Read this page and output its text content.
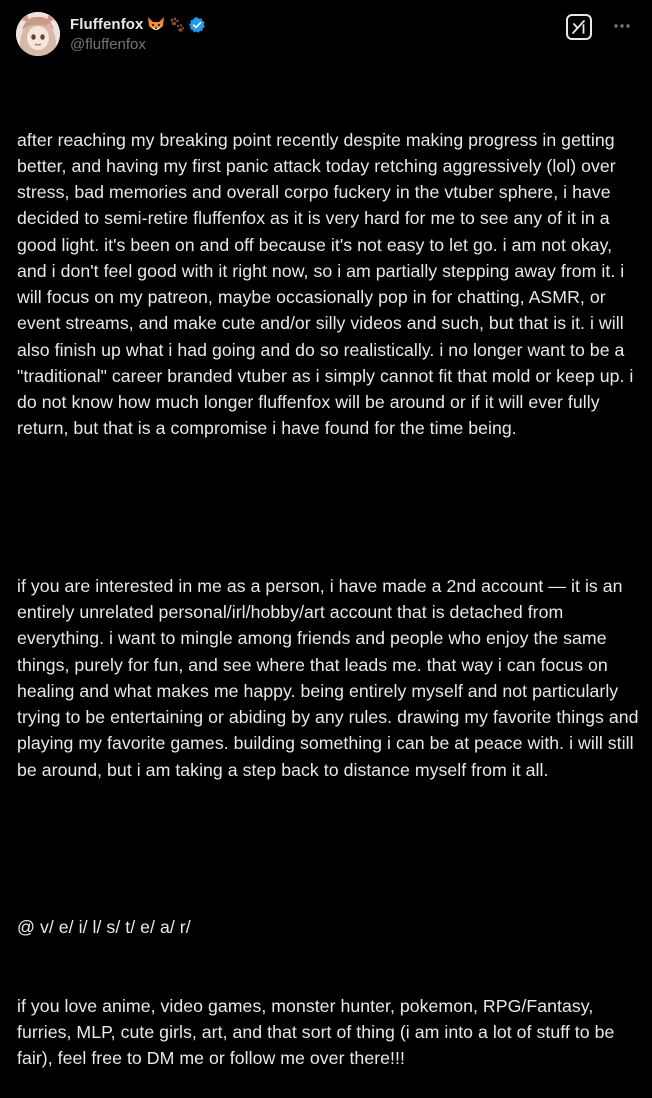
Fluffenfox
@fluffenfox

after reaching my breaking point recently despite making progress in getting better, and having my first panic attack today retching aggressively (lol) over stress, bad memories and overall corpo fuckery in the vtuber sphere, i have decided to semi-retire fluffenfox as it is very hard for me to see any of it in a good light. it's been on and off because it's not easy to let go. i am not okay, and i don't feel good with it right now, so i am partially stepping away from it. i will focus on my patreon, maybe occasionally pop in for chatting, ASMR, or event streams, and make cute and/or silly videos and such, but that is it. i will also finish up what i had going and do so realistically. i no longer want to be a "traditional" career branded vtuber as i simply cannot fit that mold or keep up. i do not know how much longer fluffenfox will be around or if it will ever fully return, but that is a compromise i have found for the time being.

if you are interested in me as a person, i have made a 2nd account — it is an entirely unrelated personal/irl/hobby/art account that is detached from everything. i want to mingle among friends and people who enjoy the same things, purely for fun, and see where that leads me. that way i can focus on healing and what makes me happy. being entirely myself and not particularly trying to be entertaining or abiding by any rules. drawing my favorite things and playing my favorite games. building something i can be at peace with. i will still be around, but i am taking a step back to distance myself from it all.

@ v/ e/ i/ l/ s/ t/ e/ a/ r/

if you love anime, video games, monster hunter, pokemon, RPG/Fantasy, furries, MLP, cute girls, art, and that sort of thing (i am into a lot of stuff to be fair), feel free to DM me or follow me over there!!!
